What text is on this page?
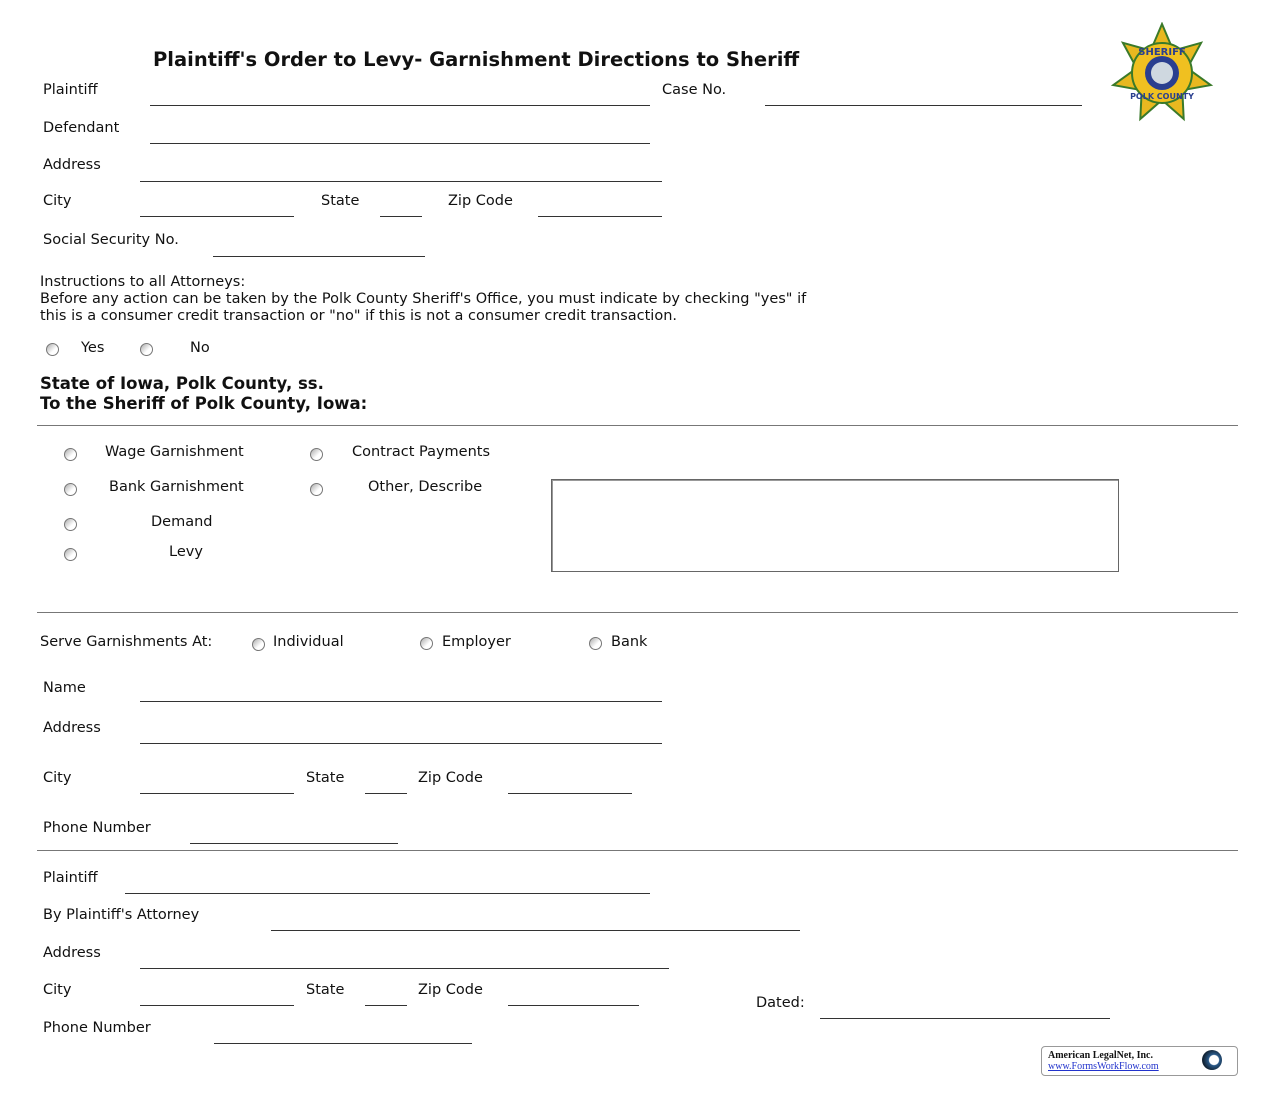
Plaintiff's Order to Levy- Garnishment Directions to Sheriff	SHERIFF
POLK COUNTY
Plaintiff	Case No.
Defendant
Address
City	State	Zip Code
Social Security No.
Instructions to all Attorneys:
Before any action can be taken by the Polk County Sheriff's Office, you must indicate by checking "yes" if
this is a consumer credit transaction or "no" if this is not a consumer credit transaction.
Yes	No
State of Iowa, Polk County, ss.
To the Sheriff of Polk County, Iowa:
Wage Garnishment	Contract Payments
Bank Garnishment	Other, Describe
Demand
Levy
Serve Garnishments At:	Individual	Employer	Bank
Name
Address
City	State	Zip Code
Phone Number
Plaintiff
By Plaintiff's Attorney
Address
City	State	Zip Code
Dated:
Phone Number
American LegalNet, Inc.
www.FormsWorkFlow.com
